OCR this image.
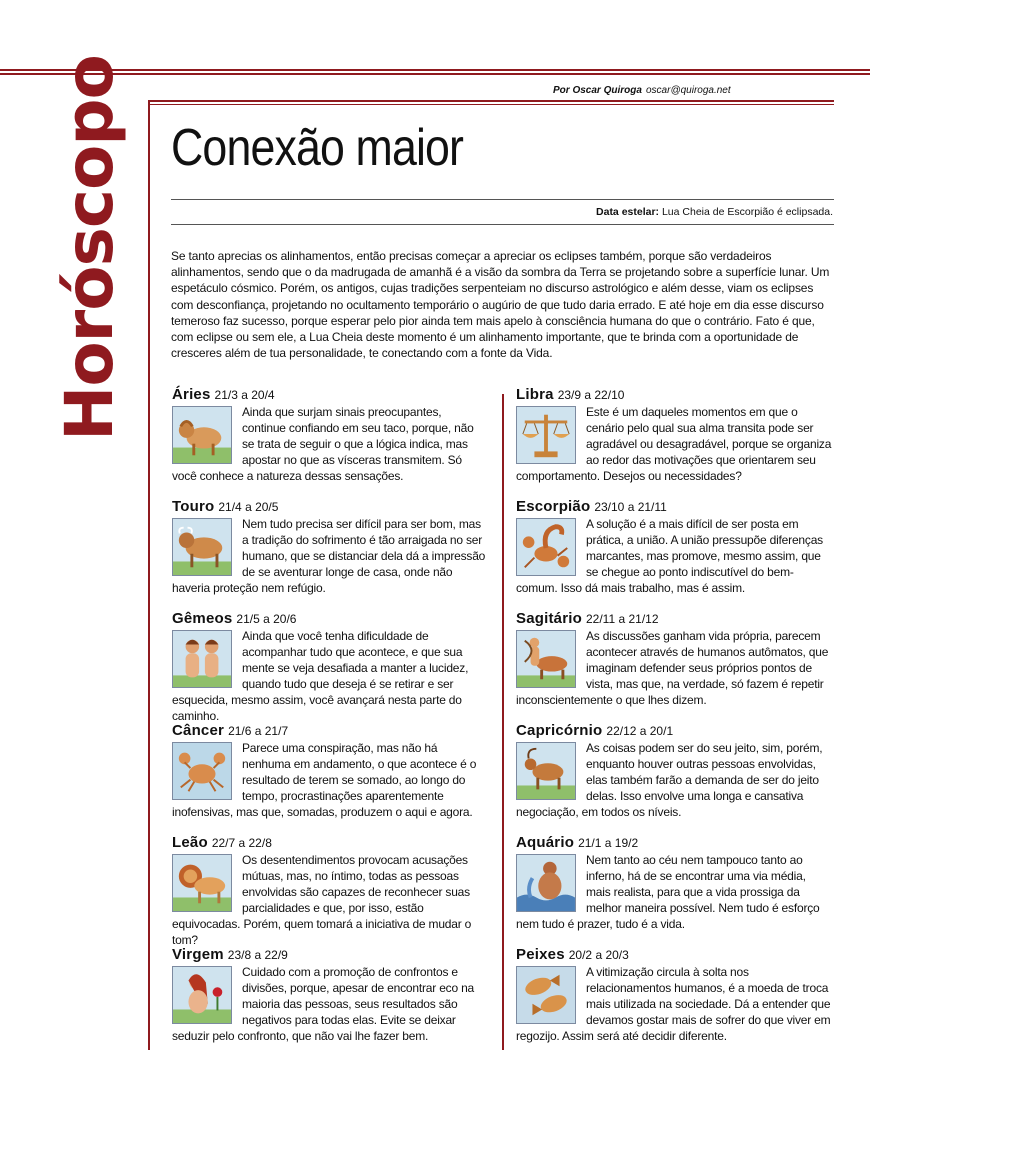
Horóscopo	Por Oscar Quiroga oscar@quiroga.net
Conexão maior
Data estelar: Lua Cheia de Escorpião é eclipsada.

Se tanto aprecias os alinhamentos, então precisas começar a apreciar os eclipses também, porque são verdadeiros alinhamentos, sendo que o da madrugada de amanhã é a visão da sombra da Terra se projetando sobre a superfície lunar. Um espetáculo cósmico. Porém, os antigos, cujas tradições serpenteiam no discurso astrológico e além desse, viam os eclipses com desconfiança, projetando no ocultamento temporário o augúrio de que tudo daria errado. E até hoje em dia esse discurso temeroso faz sucesso, porque esperar pelo pior ainda tem mais apelo à consciência humana do que o contrário. Fato é que, com eclipse ou sem ele, a Lua Cheia deste momento é um alinhamento importante, que te brinda com a oportunidade de cresceres além de tua personalidade, te conectando com a fonte da Vida.

Áries 21/3 a 20/4

Ainda que surjam sinais preocupantes, continue confiando em seu taco, porque, não se trata de seguir o que a lógica indica, mas apostar no que as vísceras transmitem. Só você conhece a natureza dessas sensações.

Touro 21/4 a 20/5

Nem tudo precisa ser difícil para ser bom, mas a tradição do sofrimento é tão arraigada no ser humano, que se distanciar dela dá a impressão de se aventurar longe de casa, onde não haveria proteção nem refúgio.

Gêmeos 21/5 a 20/6

Ainda que você tenha dificuldade de acompanhar tudo que acontece, e que sua mente se veja desafiada a manter a lucidez, quando tudo que deseja é se retirar e ser esquecida, mesmo assim, você avançará nesta parte do caminho.

Câncer 21/6 a 21/7

Parece uma conspiração, mas não há nenhuma em andamento, o que acontece é o resultado de terem se somado, ao longo do tempo, procrastinações aparentemente inofensivas, mas que, somadas, produzem o aqui e agora.

Leão 22/7 a 22/8

Os desentendimentos provocam acusações mútuas, mas, no íntimo, todas as pessoas envolvidas são capazes de reconhecer suas parcialidades e que, por isso, estão equivocadas. Porém, quem tomará a iniciativa de mudar o tom?

Virgem 23/8 a 22/9

Cuidado com a promoção de confrontos e divisões, porque, apesar de encontrar eco na maioria das pessoas, seus resultados são negativos para todas elas. Evite se deixar seduzir pelo confronto, que não vai lhe fazer bem.

Libra 23/9 a 22/10

Este é um daqueles momentos em que o cenário pelo qual sua alma transita pode ser agradável ou desagradável, porque se organiza ao redor das motivações que orientarem seu comportamento. Desejos ou necessidades?

Escorpião 23/10 a 21/11

A solução é a mais difícil de ser posta em prática, a união. A união pressupõe diferenças marcantes, mas promove, mesmo assim, que se chegue ao ponto indiscutível do bem-comum. Isso dá mais trabalho, mas é assim.

Sagitário 22/11 a 21/12

As discussões ganham vida própria, parecem acontecer através de humanos autômatos, que imaginam defender seus próprios pontos de vista, mas que, na verdade, só fazem é repetir inconscientemente o que lhes dizem.

Capricórnio 22/12 a 20/1

As coisas podem ser do seu jeito, sim, porém, enquanto houver outras pessoas envolvidas, elas também farão a demanda de ser do jeito delas. Isso envolve uma longa e cansativa negociação, em todos os níveis.

Aquário 21/1 a 19/2

Nem tanto ao céu nem tampouco tanto ao inferno, há de se encontrar uma via média, mais realista, para que a vida prossiga da melhor maneira possível. Nem tudo é esforço nem tudo é prazer, tudo é a vida.

Peixes 20/2 a 20/3

A vitimização circula à solta nos relacionamentos humanos, é a moeda de troca mais utilizada na sociedade. Dá a entender que devamos gostar mais de sofrer do que viver em regozijo. Assim será até decidir diferente.
